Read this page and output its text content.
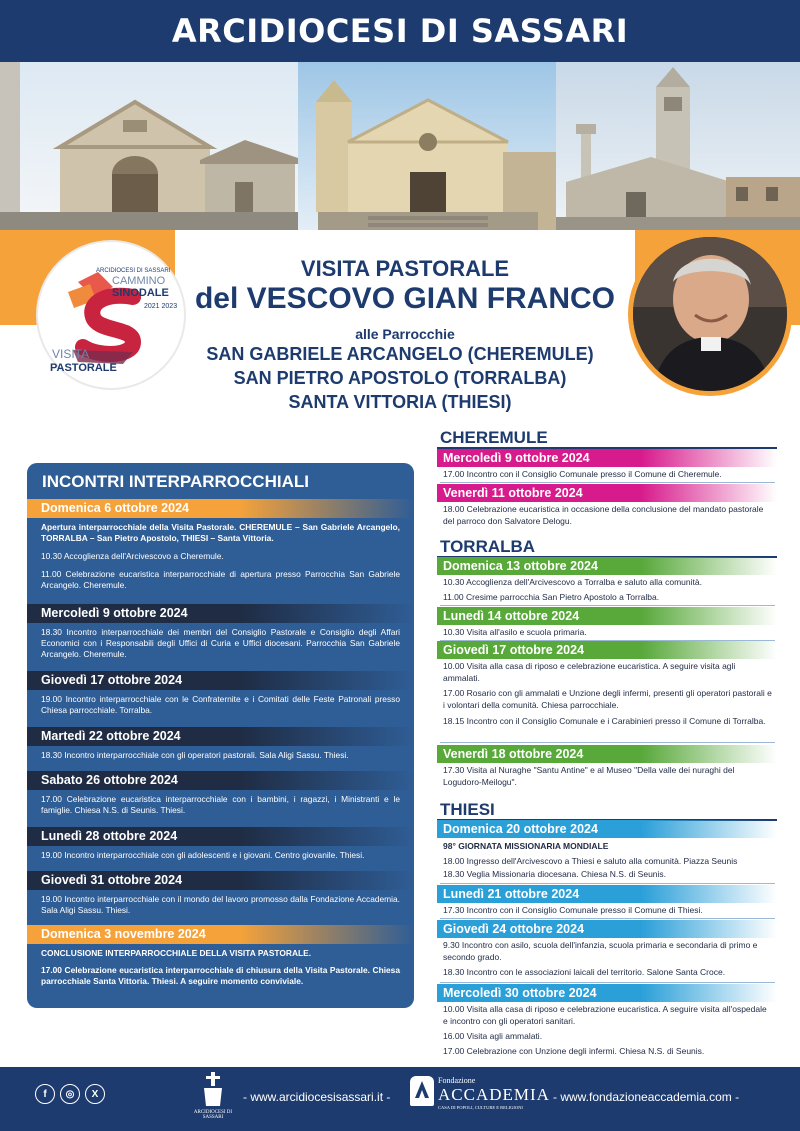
ARCIDIOCESI DI SASSARI
VISITA PASTORALE
del VESCOVO GIAN FRANCO
alle Parrocchie
SAN GABRIELE ARCANGELO (CHEREMULE)
SAN PIETRO APOSTOLO (TORRALBA)
SANTA VITTORIA (THIESI)
ARCIDIOCESI DI SASSARI
CAMMINO
SINODALE
2021 2023
VISITA
PASTORALE
INCONTRI INTERPARROCCHIALI
Domenica 6 ottobre 2024
Apertura interparrocchiale della Visita Pastorale. CHEREMULE – San Gabriele Arcangelo, TORRALBA – San Pietro Apostolo, THIESI – Santa Vittoria.
10.30 Accoglienza dell'Arcivescovo a Cheremule.
11.00 Celebrazione eucaristica interparrocchiale di apertura presso Parrocchia San Gabriele Arcangelo. Cheremule.
Mercoledì 9 ottobre 2024
18.30 Incontro interparrocchiale dei membri del Consiglio Pastorale e Consiglio degli Affari Economici con i Responsabili degli Uffici di Curia e Uffici diocesani. Parrocchia San Gabriele Arcangelo. Cheremule.
Giovedì 17 ottobre 2024
19.00 Incontro interparrocchiale con le Confraternite e i Comitati delle Feste Patronali presso Chiesa parrocchiale. Torralba.
Martedì 22 ottobre 2024
18.30 Incontro interparrocchiale con gli operatori pastorali. Sala Aligi Sassu. Thiesi.
Sabato 26 ottobre 2024
17.00 Celebrazione eucaristica interparrocchiale con i bambini, i ragazzi, i Ministranti e le famiglie. Chiesa N.S. di Seunis. Thiesi.
Lunedì 28 ottobre 2024
19.00 Incontro interparrocchiale con gli adolescenti e i giovani. Centro giovanile. Thiesi.
Giovedì 31 ottobre 2024
19.00 Incontro interparrocchiale con il mondo del lavoro promosso dalla Fondazione Accademia. Sala Aligi Sassu. Thiesi.
Domenica 3 novembre 2024
CONCLUSIONE INTERPARROCCHIALE DELLA VISITA PASTORALE.
17.00 Celebrazione eucaristica interparrocchiale di chiusura della Visita Pastorale. Chiesa parrocchiale Santa Vittoria. Thiesi. A seguire momento conviviale.
CHEREMULE
Mercoledì 9 ottobre 2024
17.00 Incontro con il Consiglio Comunale presso il Comune di Cheremule.
Venerdì 11 ottobre 2024
18.00 Celebrazione eucaristica in occasione della conclusione del mandato pastorale del parroco don Salvatore Delogu.
TORRALBA
Domenica 13 ottobre 2024
10.30 Accoglienza dell'Arcivescovo a Torralba e saluto alla comunità.
11.00 Cresime parrocchia San Pietro Apostolo a Torralba.
Lunedì 14 ottobre 2024
10.30 Visita all'asilo e scuola primaria.
Giovedì 17 ottobre 2024
10.00 Visita alla casa di riposo e celebrazione eucaristica. A seguire visita agli ammalati.
17.00 Rosario con gli ammalati e Unzione degli infermi, presenti gli operatori pastorali e i volontari della comunità. Chiesa parrocchiale.
18.15 Incontro con il Consiglio Comunale e i Carabinieri presso il Comune di Torralba.
Venerdì 18 ottobre 2024
17.30 Visita al Nuraghe "Santu Antine" e al Museo "Della valle dei nuraghi del Logudoro-Meilogu".
THIESI
Domenica 20 ottobre 2024
98° GIORNATA MISSIONARIA MONDIALE
18.00 Ingresso dell'Arcivescovo a Thiesi e saluto alla comunità. Piazza Seunis
18.30 Veglia Missionaria diocesana. Chiesa N.S. di Seunis.
Lunedì 21 ottobre 2024
17.30 Incontro con il Consiglio Comunale presso il Comune di Thiesi.
Giovedì 24 ottobre 2024
9.30 Incontro con asilo, scuola dell'infanzia, scuola primaria e secondaria di primo e secondo grado.
18.30 Incontro con le associazioni laicali del territorio. Salone Santa Croce.
Mercoledì 30 ottobre 2024
10.00 Visita alla casa di riposo e celebrazione eucaristica. A seguire visita all'ospedale e incontro con gli operatori sanitari.
16.00 Visita agli ammalati.
17.00 Celebrazione con Unzione degli infermi. Chiesa N.S. di Seunis.
f	◎	X
ARCIDIOCESI DI SASSARI
- www.arcidiocesisassari.it -
Fondazione
ACCADEMIA
CASA DI POPOLI, CULTURE E RELIGIONI
- www.fondazioneaccademia.com -
